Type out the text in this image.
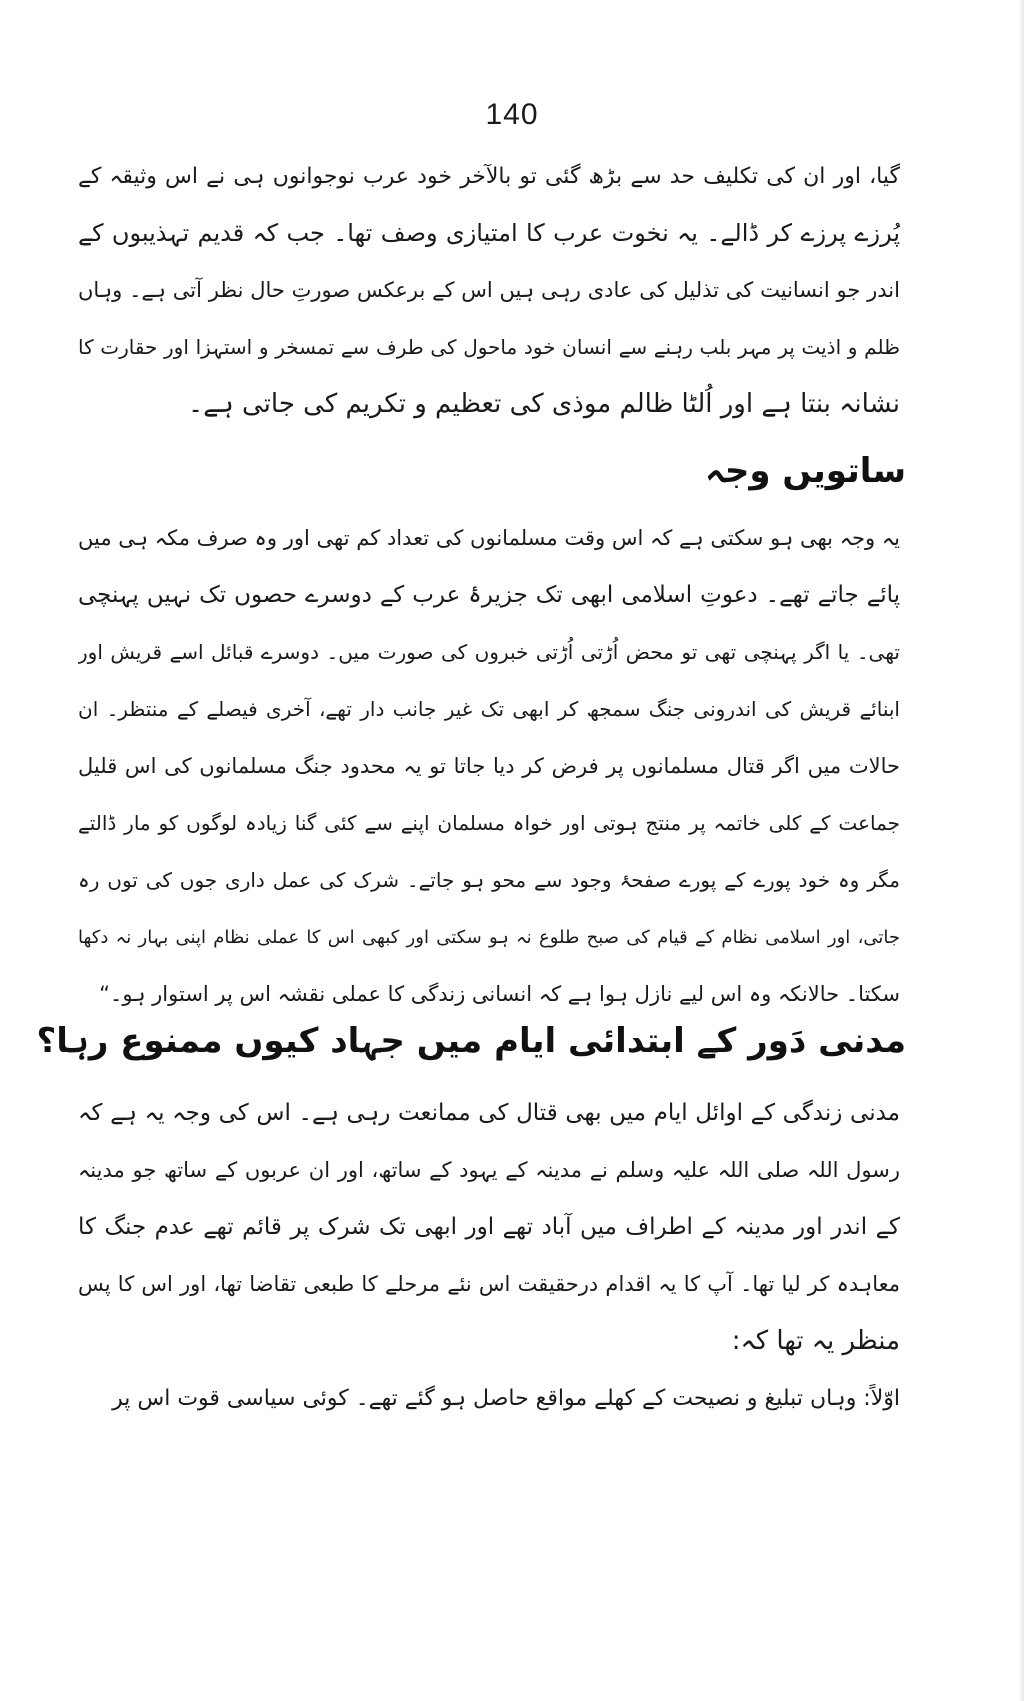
140
گیا، اور ان کی تکلیف حد سے بڑھ گئی تو بالآخر خود عرب نوجوانوں ہی نے اس وثیقہ کے
پُرزے پرزے کر ڈالے۔ یہ نخوت عرب کا امتیازی وصف تھا۔ جب کہ قدیم تہذیبوں کے
اندر جو انسانیت کی تذلیل کی عادی رہی ہیں اس کے برعکس صورتِ حال نظر آتی ہے۔ وہاں
ظلم و اذیت پر مہر بلب رہنے سے انسان خود ماحول کی طرف سے تمسخر و استہزا اور حقارت کا
نشانہ بنتا ہے اور اُلٹا ظالم موذی کی تعظیم و تکریم کی جاتی ہے۔
ساتویں وجہ
یہ وجہ بھی ہو سکتی ہے کہ اس وقت مسلمانوں کی تعداد کم تھی اور وہ صرف مکہ ہی میں
پائے جاتے تھے۔ دعوتِ اسلامی ابھی تک جزیرۂ عرب کے دوسرے حصوں تک نہیں پہنچی
تھی۔ یا اگر پہنچی تھی تو محض اُڑتی اُڑتی خبروں کی صورت میں۔ دوسرے قبائل اسے قریش اور
ابنائے قریش کی اندرونی جنگ سمجھ کر ابھی تک غیر جانب دار تھے، آخری فیصلے کے منتظر۔ ان
حالات میں اگر قتال مسلمانوں پر فرض کر دیا جاتا تو یہ محدود جنگ مسلمانوں کی اس قلیل
جماعت کے کلی خاتمہ پر منتج ہوتی اور خواہ مسلمان اپنے سے کئی گنا زیادہ لوگوں کو مار ڈالتے
مگر وہ خود پورے کے پورے صفحۂ وجود سے محو ہو جاتے۔ شرک کی عمل داری جوں کی توں رہ
جاتی، اور اسلامی نظام کے قیام کی صبح طلوع نہ ہو سکتی اور کبھی اس کا عملی نظام اپنی بہار نہ دکھا
سکتا۔ حالانکہ وہ اس لیے نازل ہوا ہے کہ انسانی زندگی کا عملی نقشہ اس پر استوار ہو۔“
مدنی دَور کے ابتدائی ایام میں جہاد کیوں ممنوع رہا؟
مدنی زندگی کے اوائل ایام میں بھی قتال کی ممانعت رہی ہے۔ اس کی وجہ یہ ہے کہ
رسول اللہ صلی اللہ علیہ وسلم نے مدینہ کے یہود کے ساتھ، اور ان عربوں کے ساتھ جو مدینہ
کے اندر اور مدینہ کے اطراف میں آباد تھے اور ابھی تک شرک پر قائم تھے عدم جنگ کا
معاہدہ کر لیا تھا۔ آپ کا یہ اقدام درحقیقت اس نئے مرحلے کا طبعی تقاضا تھا، اور اس کا پس
منظر یہ تھا کہ:
اوّلاً: وہاں تبلیغ و نصیحت کے کھلے مواقع حاصل ہو گئے تھے۔ کوئی سیاسی قوت اس پر
